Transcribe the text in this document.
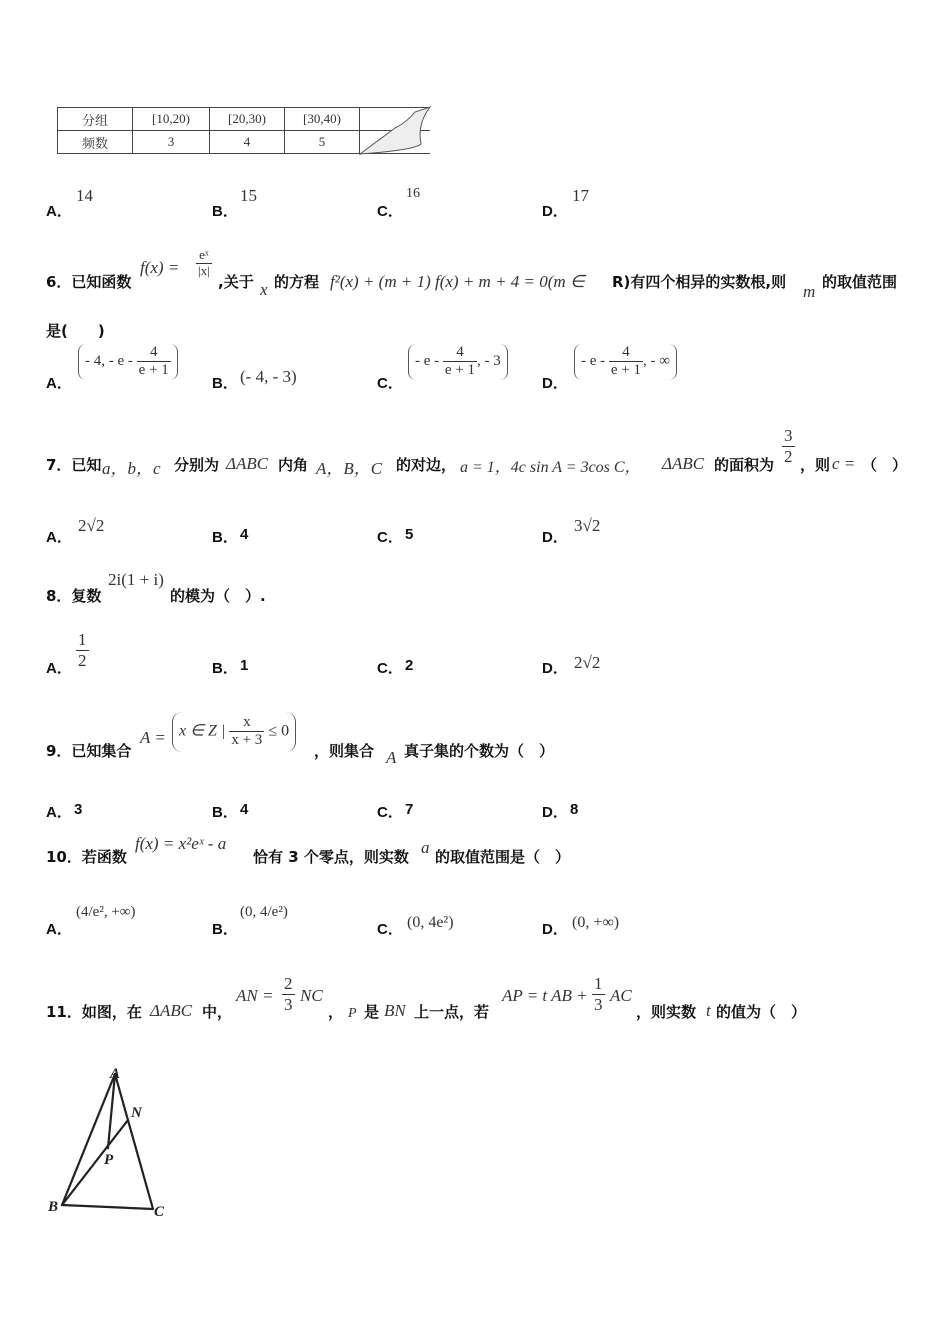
分组	[10,20)	[20,30)	[30,40)	
频数	3	4	5	
A．
14
B．
15
C．
16
D．
17
6．已知函数
$f(x) = \frac{\text{eˣ}}{|x|}$
,关于 x 的方程 f²(x) + (m + 1) f(x) + m + 4 = 0(m ∈ R)有四个相异的实数根,则 m 的取值范围
是(　　)
A．
- 4, - e - $\frac{4}{e + 1}$
B． (- 4, - 3)	C．
- e - $\frac{4}{e + 1}$ , - 3
D．
- e - $\frac{4}{e + 1}$ , - ∞
7．已知 a，b，c 分别为 ΔABC 内角 A，B，C 的对边， a = 1，4c sin A = 3cos C， ΔABC 的面积为 $\frac{3}{2}$ ，则 c = （　）
A．
2√2
B． 4	C． 5	D．
3√2
8．复数
2i(1 + i)
的模为（　）.
A． $\frac{1}{2}$	B． 1	C． 2	D． 2√2
9．已知集合
A = x ∈ Z | $\frac{x}{x + 3} \le 0$
，则集合 A 真子集的个数为（　）
A． 3	B． 4	C． 7	D． 8
10．若函数
f(x) = x²eˣ - a
恰有 3 个零点，则实数 a 的取值范围是（　）
A．
(4/e², +∞)
B．
(0, 4/e²)
C． (0, 4e²)	D． (0, +∞)
11．如图，在 ΔABC 中，
AN = $\frac{2}{3}$ NC
， P 是 BN 上一点，若
AP = t AB + $\frac{1}{3}$ AC
，则实数 t 的值为（　）
A
N
P
B	C
